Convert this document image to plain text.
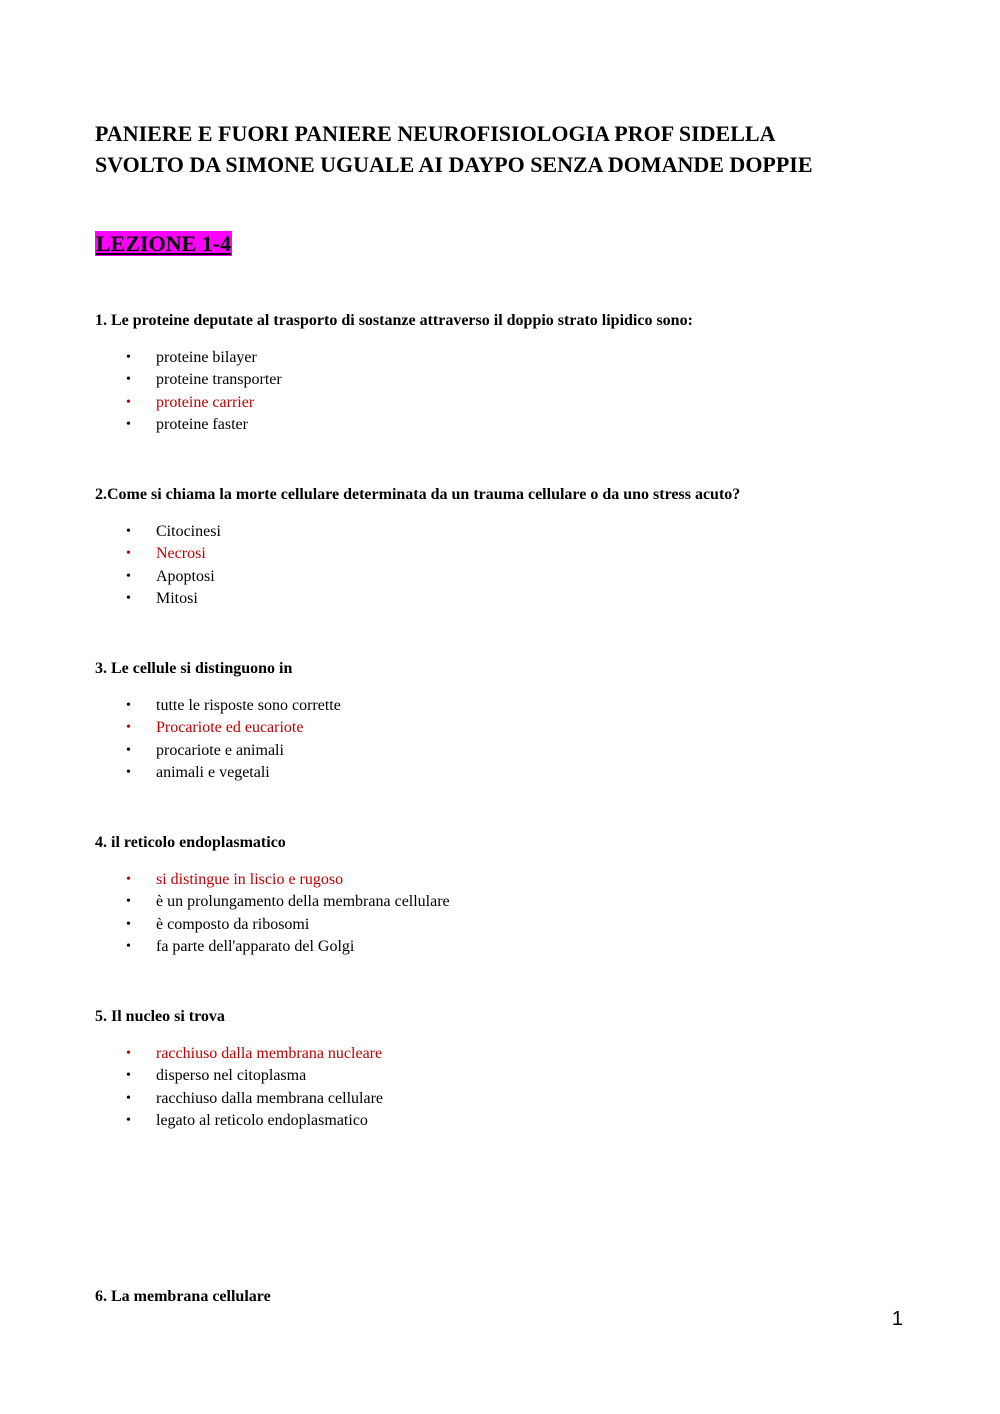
PANIERE E FUORI PANIERE NEUROFISIOLOGIA PROF SIDELLA
SVOLTO DA SIMONE UGUALE AI DAYPO SENZA DOMANDE DOPPIE
LEZIONE 1-4

1. Le proteine deputate al trasporto di sostanze attraverso il doppio strato lipidico sono:

• proteine bilayer
• proteine transporter
• proteine carrier
• proteine faster

2.Come si chiama la morte cellulare determinata da un trauma cellulare o da uno stress acuto?

• Citocinesi
• Necrosi
• Apoptosi
• Mitosi

3. Le cellule si distinguono in

• tutte le risposte sono corrette
• Procariote ed eucariote
• procariote e animali
• animali e vegetali

4. il reticolo endoplasmatico

• si distingue in liscio e rugoso
• è un prolungamento della membrana cellulare
• è composto da ribosomi
• fa parte dell'apparato del Golgi

5. Il nucleo si trova

• racchiuso dalla membrana nucleare
• disperso nel citoplasma
• racchiuso dalla membrana cellulare
• legato al reticolo endoplasmatico

6. La membrana cellulare

1
